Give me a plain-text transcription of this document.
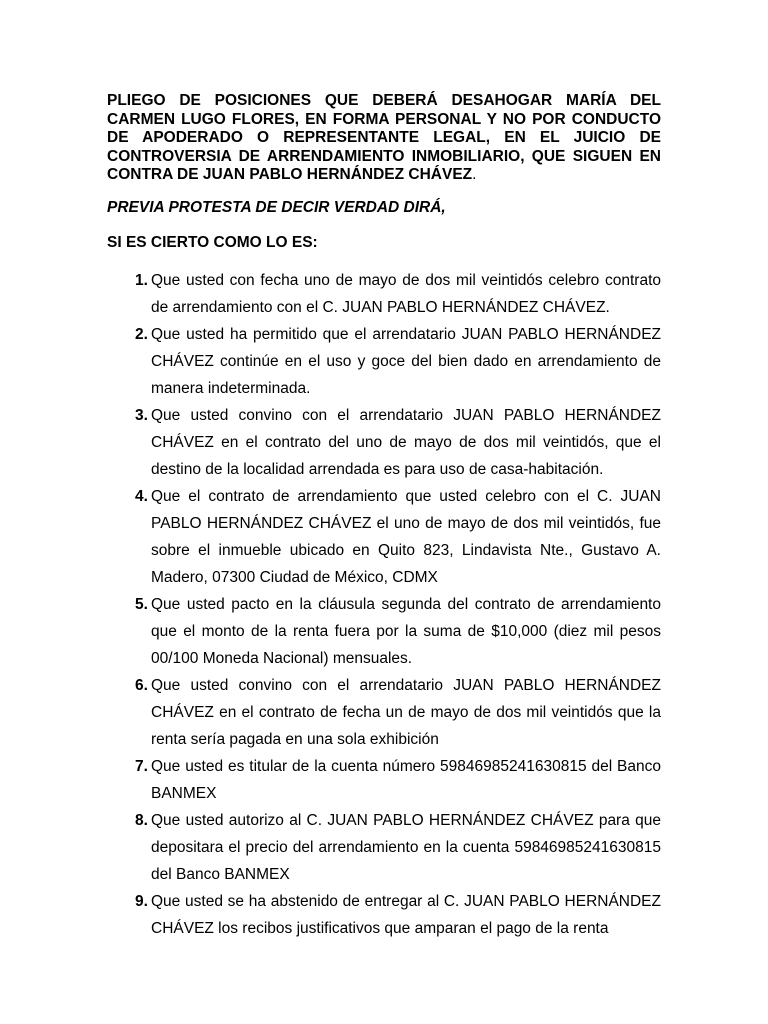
PLIEGO DE POSICIONES QUE DEBERÁ DESAHOGAR MARÍA DEL CARMEN LUGO FLORES, EN FORMA PERSONAL Y NO POR CONDUCTO DE APODERADO O REPRESENTANTE LEGAL, EN EL JUICIO DE CONTROVERSIA DE ARRENDAMIENTO INMOBILIARIO, QUE SIGUEN EN CONTRA DE JUAN PABLO HERNÁNDEZ CHÁVEZ.

PREVIA PROTESTA DE DECIR VERDAD DIRÁ,

SI ES CIERTO COMO LO ES:

1. Que usted con fecha uno de mayo de dos mil veintidós celebro contrato de arrendamiento con el C. JUAN PABLO HERNÁNDEZ CHÁVEZ.
2. Que usted ha permitido que el arrendatario JUAN PABLO HERNÁNDEZ CHÁVEZ continúe en el uso y goce del bien dado en arrendamiento de manera indeterminada.
3. Que usted convino con el arrendatario JUAN PABLO HERNÁNDEZ CHÁVEZ en el contrato del uno de mayo de dos mil veintidós, que el destino de la localidad arrendada es para uso de casa-habitación.
4. Que el contrato de arrendamiento que usted celebro con el C. JUAN PABLO HERNÁNDEZ CHÁVEZ el uno de mayo de dos mil veintidós, fue sobre el inmueble ubicado en Quito 823, Lindavista Nte., Gustavo A. Madero, 07300 Ciudad de México, CDMX
5. Que usted pacto en la cláusula segunda del contrato de arrendamiento que el monto de la renta fuera por la suma de $10,000 (diez mil pesos 00/100 Moneda Nacional) mensuales.
6. Que usted convino con el arrendatario JUAN PABLO HERNÁNDEZ CHÁVEZ en el contrato de fecha un de mayo de dos mil veintidós que la renta sería pagada en una sola exhibición
7. Que usted es titular de la cuenta número 59846985241630815 del Banco BANMEX
8. Que usted autorizo al C. JUAN PABLO HERNÁNDEZ CHÁVEZ para que depositara el precio del arrendamiento en la cuenta 59846985241630815 del Banco BANMEX
9. Que usted se ha abstenido de entregar al C. JUAN PABLO HERNÁNDEZ CHÁVEZ los recibos justificativos que amparan el pago de la renta
